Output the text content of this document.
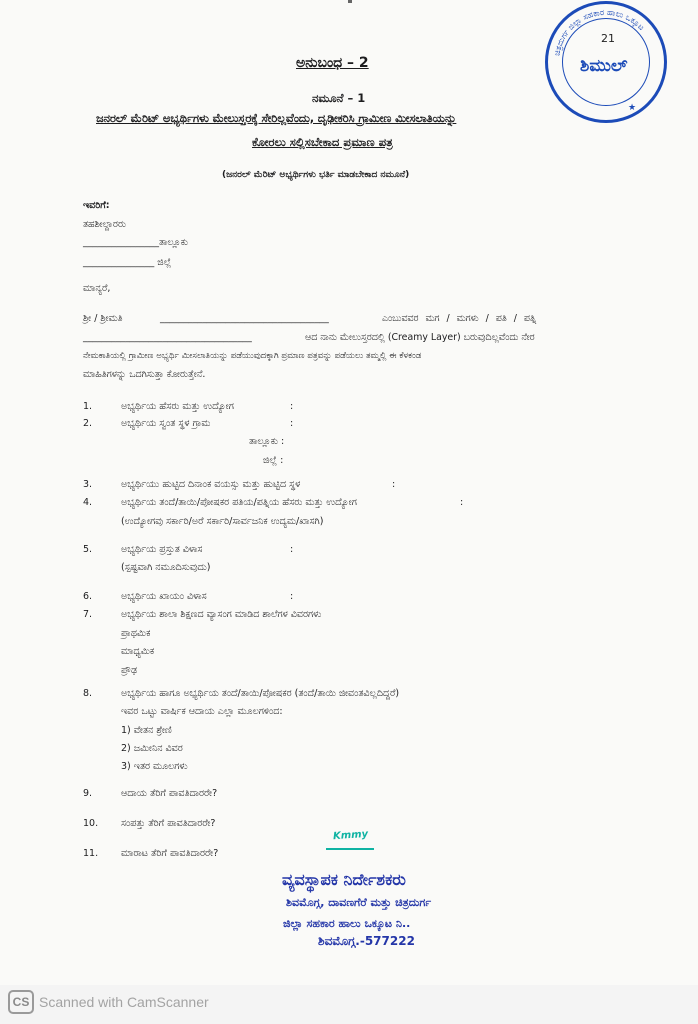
ಚಿತ್ರದುರ್ಗ ಜಿಲ್ಲಾ ಸಹಕಾರ ಹಾಲು ಒಕ್ಕೂಟ
★
21
ಶಿಮುಲ್
ಅನುಬಂಧ – 2
ನಮೂನೆ – 1
ಜನರಲ್ ಮೆರಿಟ್ ಅಭ್ಯರ್ಥಿಗಳು ಮೇಲುಸ್ತರಕ್ಕೆ ಸೇರಿಲ್ಲವೆಂದು, ದೃಢೀಕರಿಸಿ ಗ್ರಾಮೀಣ ಮೀಸಲಾತಿಯನ್ನು
ಕೋರಲು ಸಲ್ಲಿಸಬೇಕಾದ ಪ್ರಮಾಣ ಪತ್ರ
(ಜನರಲ್ ಮೆರಿಟ್ ಅಭ್ಯರ್ಥಿಗಳು ಭರ್ತಿ ಮಾಡಬೇಕಾದ ನಮೂನೆ)
ಇವರಿಗೆ:
ತಹಶೀಲ್ದಾರರು
________________ತಾಲ್ಲೂಕು
_______________ ಜಿಲ್ಲೆ
ಮಾನ್ಯರೆ,
ಶ್ರೀ / ಶ್ರೀಮತಿ	____________________________________	ಎಂಬುವವರ ಮಗ / ಮಗಳು / ಪತಿ / ಪತ್ನಿ
____________________________________	ಆದ ನಾನು ಮೇಲುಸ್ತರದಲ್ಲಿ (Creamy Layer) ಬರುವುದಿಲ್ಲವೆಂದು ನೇರ
ನೇಮಕಾತಿಯಲ್ಲಿ ಗ್ರಾಮೀಣ ಅಭ್ಯರ್ಥಿ ಮೀಸಲಾತಿಯನ್ನು ಪಡೆಯುವುದಕ್ಕಾಗಿ ಪ್ರಮಾಣ ಪತ್ರವನ್ನು ಪಡೆಯಲು ತಮ್ಮಲ್ಲಿ ಈ ಕೆಳಕಂಡ
ಮಾಹಿತಿಗಳನ್ನು ಒದಗಿಸುತ್ತಾ ಕೋರುತ್ತೇನೆ.
1.	ಅಭ್ಯರ್ಥಿಯ ಹೆಸರು ಮತ್ತು ಉದ್ಯೋಗ	:
2.	ಅಭ್ಯರ್ಥಿಯ ಸ್ವಂತ ಸ್ಥಳ ಗ್ರಾಮ	:
ತಾಲ್ಲೂಕು :
ಜಿಲ್ಲೆ :
3.	ಅಭ್ಯರ್ಥಿಯು ಹುಟ್ಟಿದ ದಿನಾಂಕ ವಯಸ್ಸು ಮತ್ತು ಹುಟ್ಟಿದ ಸ್ಥಳ	:
4.	ಅಭ್ಯರ್ಥಿಯ ತಂದೆ/ತಾಯಿ/ಪೋಷಕರ ಪತಿಯ/ಪತ್ನಿಯ ಹೆಸರು ಮತ್ತು ಉದ್ಯೋಗ	:
(ಉದ್ಯೋಗವು ಸರ್ಕಾರಿ/ಅರೆ ಸರ್ಕಾರಿ/ಸಾರ್ವಜನಿಕ ಉದ್ಯಮ/ಖಾಸಗಿ)
5.	ಅಭ್ಯರ್ಥಿಯ ಪ್ರಸ್ತುತ ವಿಳಾಸ	:
(ಸ್ಪಷ್ಟವಾಗಿ ನಮೂದಿಸುವುದು)
6.	ಅಭ್ಯರ್ಥಿಯ ಖಾಯಂ ವಿಳಾಸ	:
7.	ಅಭ್ಯರ್ಥಿಯ ಶಾಲಾ ಶಿಕ್ಷಣದ ವ್ಯಾಸಂಗ ಮಾಡಿದ ಶಾಲೆಗಳ ವಿವರಗಳು
ಪ್ರಾಥಮಿಕ
ಮಾಧ್ಯಮಿಕ
ಪ್ರೌಢ
8.	ಅಭ್ಯರ್ಥಿಯ ಹಾಗೂ ಅಭ್ಯರ್ಥಿಯ ತಂದೆ/ತಾಯಿ/ಪೋಷಕರ (ತಂದೆ/ತಾಯಿ ಜೀವಂತವಿಲ್ಲದಿದ್ದರೆ)
ಇವರ ಒಟ್ಟು ವಾರ್ಷಿಕ ಆದಾಯ ಎಲ್ಲಾ ಮೂಲಗಳಿಂದ:
1) ವೇತನ ಶ್ರೇಣಿ
2) ಜಮೀನಿನ ವಿವರ
3) ಇತರ ಮೂಲಗಳು
9.	ಆದಾಯ ತೆರಿಗೆ ಪಾವತಿದಾರರೇ?
10. ಸಂಪತ್ತು ತೆರಿಗೆ ಪಾವತಿದಾರರೇ?
11. ಮಾರಾಟ ತೆರಿಗೆ ಪಾವತಿದಾರರೇ?
Kmmy
ವ್ಯವಸ್ಥಾಪಕ ನಿರ್ದೇಶಕರು
ಶಿವಮೊಗ್ಗ, ದಾವಣಗೆರೆ ಮತ್ತು ಚಿತ್ರದುರ್ಗ
ಜಿಲ್ಲಾ ಸಹಕಾರ ಹಾಲು ಒಕ್ಕೂಟ ನಿ..
ಶಿವಮೊಗ್ಗ.-577222
CS Scanned with CamScanner
